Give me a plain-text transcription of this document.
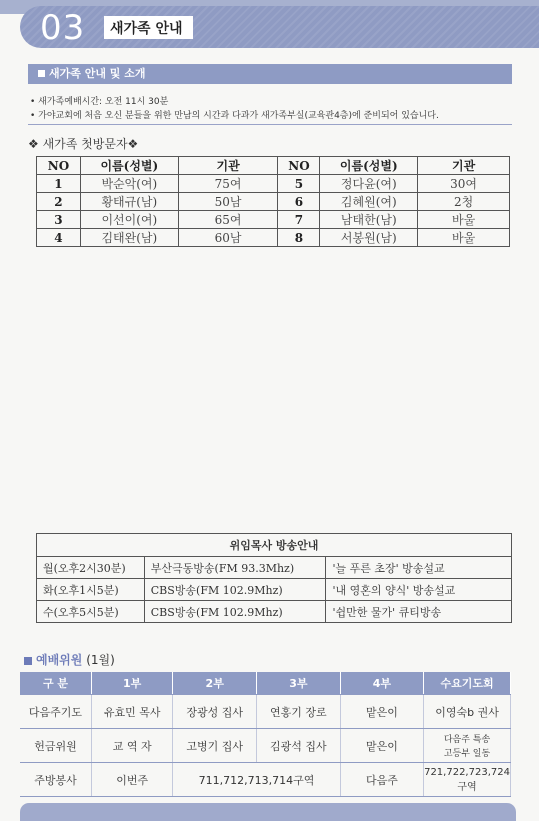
03	새가족 안내
새가족 안내 및 소개
• 새가족예배시간: 오전 11시 30분
• 가야교회에 처음 오신 분들을 위한 만남의 시간과 다과가 새가족부실(교육관4층)에 준비되어 있습니다.
❖ 새가족 첫방문자❖
NO	이름(성별)	기관	NO	이름(성별)	기관
1	박순악(여)	75여	5	정다윤(여)	30여
2	황태규(남)	50남	6	김혜원(여)	2청
3	이선이(여)	65여	7	남태한(남)	바울
4	김태완(남)	60남	8	서봉원(남)	바울
위임목사 방송안내		
월(오후2시30분)	부산극동방송(FM 93.3Mhz)	'늘 푸른 초장' 방송설교
화(오후1시5분)	CBS방송(FM 102.9Mhz)	'내 영혼의 양식' 방송설교
수(오후5시5분)	CBS방송(FM 102.9Mhz)	'쉽만한 물가' 큐티방송
예배위원 (1월)
구 분	1부	2부	3부	4부	수요기도회
다음주기도	유효민 목사	장광성 집사	연홍기 장로	맡은이	이영숙b 권사
헌금위원	교 역 자	고병기 집사	김광석 집사	맡은이	다음주 특송
고등부 일동
주방봉사	이번주	711,712,713,714구역		다음주	721,722,723,724구역
